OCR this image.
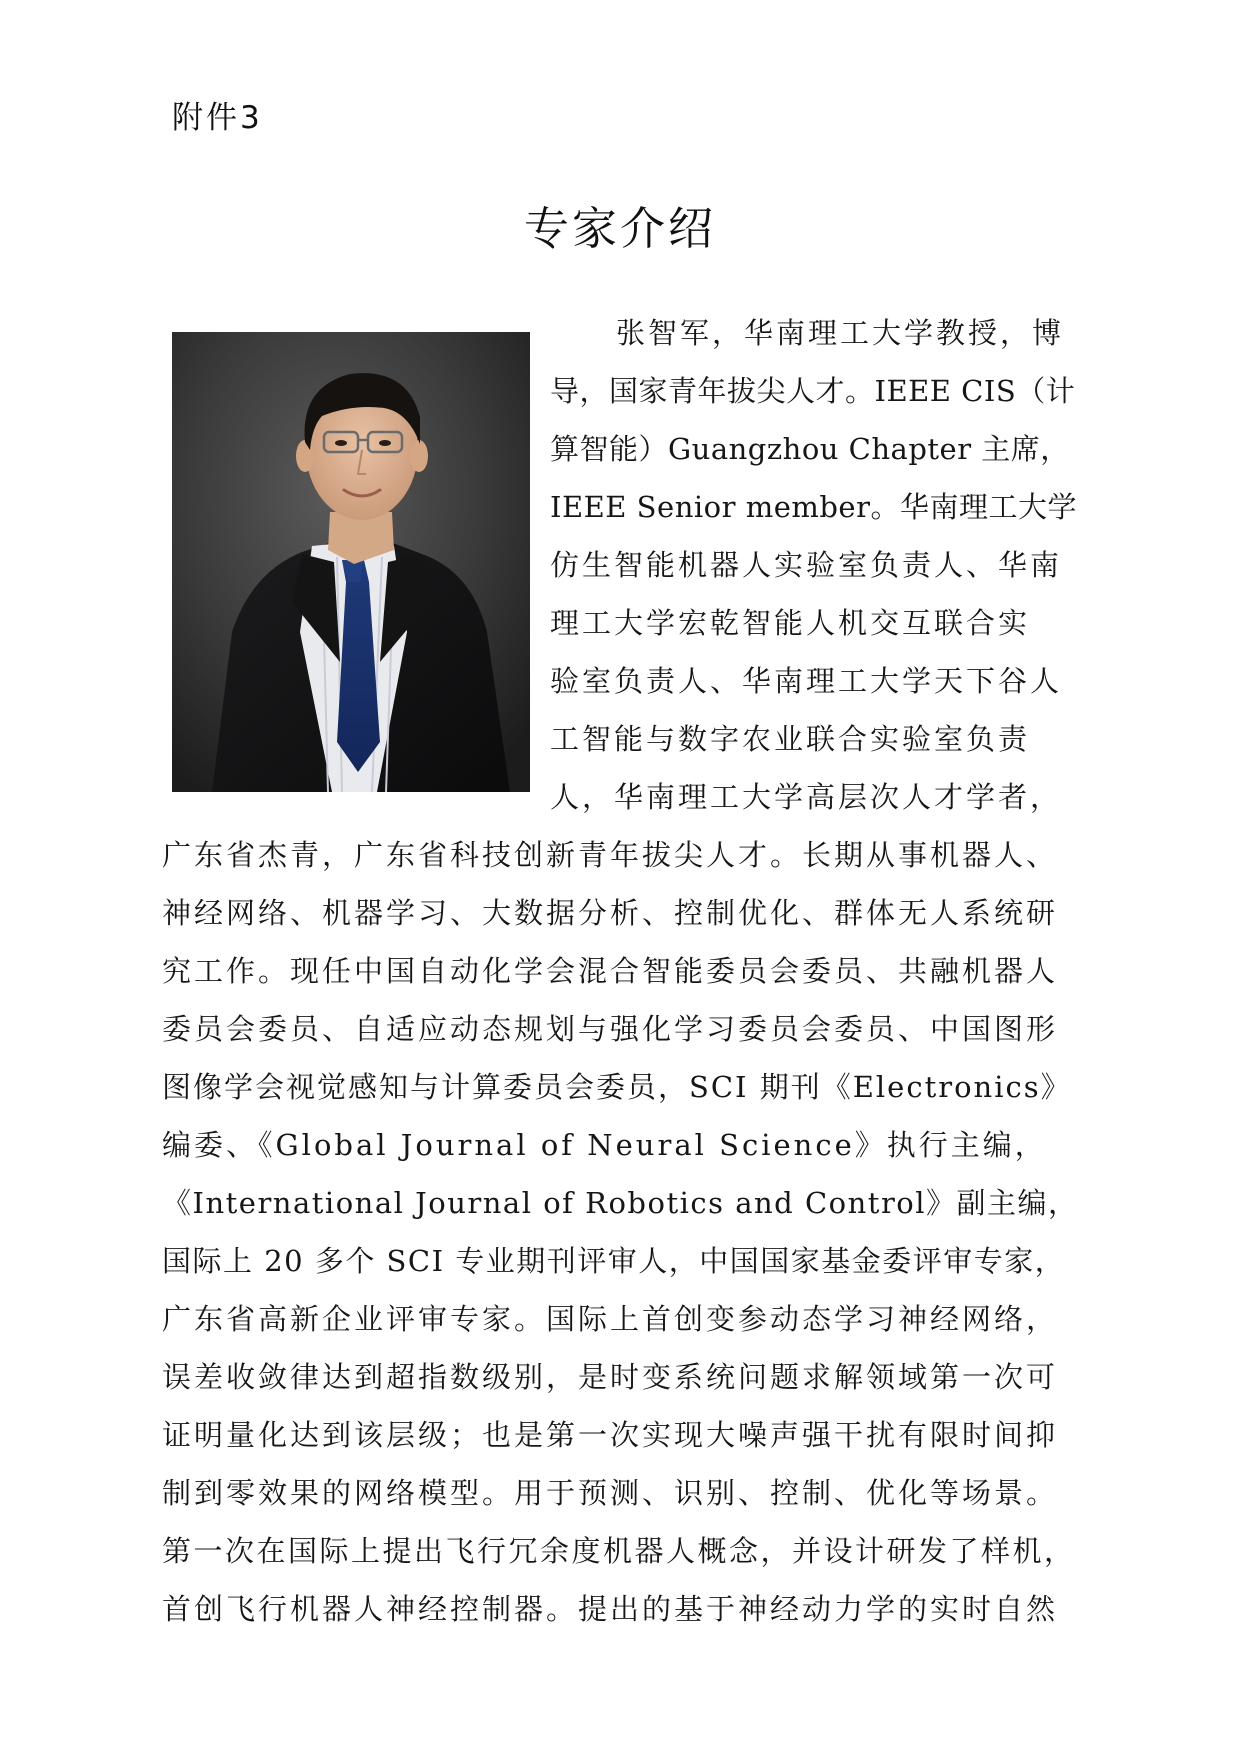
附件3
专家介绍
张智军，华南理工大学教授，博
导，国家青年拔尖人才。IEEE CIS（计
算智能）Guangzhou Chapter 主席，
IEEE Senior member。华南理工大学
仿生智能机器人实验室负责人、华南
理工大学宏乾智能人机交互联合实
验室负责人、华南理工大学天下谷人
工智能与数字农业联合实验室负责
人，华南理工大学高层次人才学者，
广东省杰青，广东省科技创新青年拔尖人才。长期从事机器人、
神经网络、机器学习、大数据分析、控制优化、群体无人系统研
究工作。现任中国自动化学会混合智能委员会委员、共融机器人
委员会委员、自适应动态规划与强化学习委员会委员、中国图形
图像学会视觉感知与计算委员会委员，SCI 期刊《Electronics》
编委、《Global Journal of Neural Science》执行主编，
《International Journal of Robotics and Control》副主编，
国际上 20 多个 SCI 专业期刊评审人，中国国家基金委评审专家，
广东省高新企业评审专家。国际上首创变参动态学习神经网络，
误差收敛律达到超指数级别，是时变系统问题求解领域第一次可
证明量化达到该层级；也是第一次实现大噪声强干扰有限时间抑
制到零效果的网络模型。用于预测、识别、控制、优化等场景。
第一次在国际上提出飞行冗余度机器人概念，并设计研发了样机，
首创飞行机器人神经控制器。提出的基于神经动力学的实时自然
